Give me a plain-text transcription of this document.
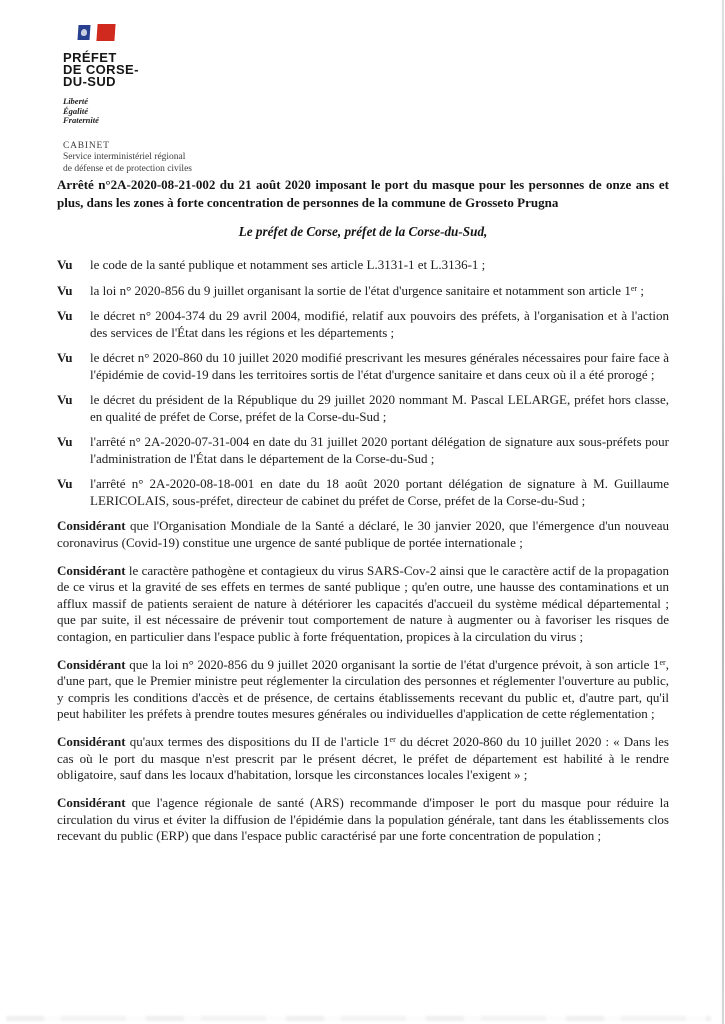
PRÉFET
DE CORSE-
DU-SUD
Liberté
Égalité
Fraternité
CABINET
Service interministériel régional
de défense et de protection civiles

Arrêté n°2A-2020-08-21-002 du 21 août 2020 imposant le port du masque pour les personnes de onze ans et plus, dans les zones à forte concentration de personnes de la commune de Grosseto Prugna

Le préfet de Corse, préfet de la Corse-du-Sud,

Vu	le code de la santé publique et notamment ses article L.3131-1 et L.3136-1 ;
Vu	la loi n° 2020-856 du 9 juillet organisant la sortie de l'état d'urgence sanitaire et notamment son article 1er ;
Vu	le décret n° 2004-374 du 29 avril 2004, modifié, relatif aux pouvoirs des préfets, à l'organisation et à l'action des services de l'État dans les régions et les départements ;
Vu	le décret n° 2020-860 du 10 juillet 2020 modifié prescrivant les mesures générales nécessaires pour faire face à l'épidémie de covid-19 dans les territoires sortis de l'état d'urgence sanitaire et dans ceux où il a été prorogé ;
Vu	le décret du président de la République du 29 juillet 2020 nommant M. Pascal LELARGE, préfet hors classe, en qualité de préfet de Corse, préfet de la Corse-du-Sud ;
Vu	l'arrêté n° 2A-2020-07-31-004 en date du 31 juillet 2020 portant délégation de signature aux sous-préfets pour l'administration de l'État dans le département de la Corse-du-Sud ;
Vu	l'arrêté n° 2A-2020-08-18-001 en date du 18 août 2020 portant délégation de signature à M. Guillaume LERICOLAIS, sous-préfet, directeur de cabinet du préfet de Corse, préfet de la Corse-du-Sud ;

Considérant que l'Organisation Mondiale de la Santé a déclaré, le 30 janvier 2020, que l'émergence d'un nouveau coronavirus (Covid-19) constitue une urgence de santé publique de portée internationale ;

Considérant le caractère pathogène et contagieux du virus SARS-Cov-2 ainsi que le caractère actif de la propagation de ce virus et la gravité de ses effets en termes de santé publique ; qu'en outre, une hausse des contaminations et un afflux massif de patients seraient de nature à détériorer les capacités d'accueil du système médical départemental ; que par suite, il est nécessaire de prévenir tout comportement de nature à augmenter ou à favoriser les risques de contagion, en particulier dans l'espace public à forte fréquentation, propices à la circulation du virus ;

Considérant que la loi n° 2020-856 du 9 juillet 2020 organisant la sortie de l'état d'urgence prévoit, à son article 1er, d'une part, que le Premier ministre peut réglementer la circulation des personnes et réglementer l'ouverture au public, y compris les conditions d'accès et de présence, de certains établissements recevant du public et, d'autre part, qu'il peut habiliter les préfets à prendre toutes mesures générales ou individuelles d'application de cette réglementation ;

Considérant qu'aux termes des dispositions du II de l'article 1er du décret 2020-860 du 10 juillet 2020 : « Dans les cas où le port du masque n'est prescrit par le présent décret, le préfet de département est habilité à le rendre obligatoire, sauf dans les locaux d'habitation, lorsque les circonstances locales l'exigent » ;

Considérant que l'agence régionale de santé (ARS) recommande d'imposer le port du masque pour réduire la circulation du virus et éviter la diffusion de l'épidémie dans la population générale, tant dans les établissements clos recevant du public (ERP) que dans l'espace public caractérisé par une forte concentration de population ;
